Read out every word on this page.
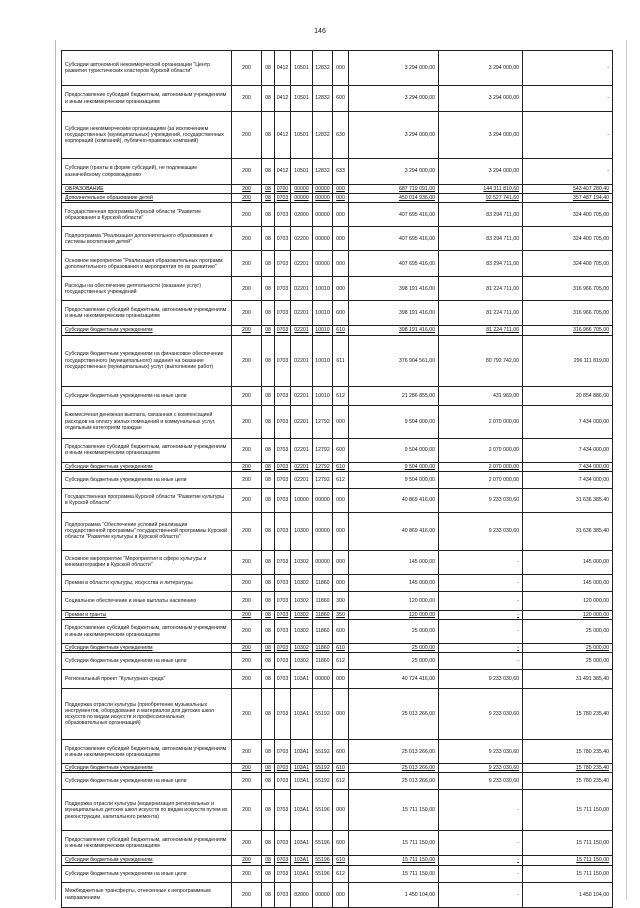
146
Субсидии автономной некоммерческой организации "Центр развития туристических кластеров Курской области"	200	08	0412	10501	12832	000	3 294 000,00	3 294 000,00	-
Предоставление субсидий бюджетным, автономным учреждениям и иным некоммерческим организациям	200	08	0412	10501	12832	600	3 294 000,00	3 294 000,00	-
Субсидии некоммерческим организациям (за исключением государственных (муниципальных) учреждений, государственных корпораций (компаний), публично-правовых компаний)	200	08	0412	10501	12832	630	3 294 000,00	3 294 000,00	-
Субсидии (гранты в форме субсидий), не подлежащие казначейскому сопровождению	200	08	0412	10501	12832	633	3 294 000,00	3 294 000,00	-
ОБРАЗОВАНИЕ	200	08	0700	00000	00000	000	687 719 091,00	144 311 810,60	543 407 280,40
Дополнительное образование детей	200	08	0703	00000	00000	000	450 014 936,00	92 527 741,60	357 487 194,40
Государственная программа Курской области "Развитие образования в Курской области"	200	08	0703	02000	00000	000	407 695 416,00	83 294 711,00	324 400 705,00
Подпрограмма "Реализация дополнительного образования и системы воспитания детей"	200	08	0703	02200	00000	000	407 695 416,00	83 294 711,00	324 400 705,00
Основное мероприятие "Реализация образовательных программ дополнительного образования и мероприятия по их развитию"	200	08	0703	02201	00000	000	407 695 416,00	83 294 711,00	324 400 705,00
Расходы на обеспечение деятельности (оказание услуг) государственных учреждений	200	08	0703	02201	10010	000	398 191 416,00	81 224 711,00	316 966 705,00
Предоставление субсидий бюджетным, автономным учреждениям и иным некоммерческим организациям	200	08	0703	02201	10010	600	398 191 416,00	81 224 711,00	316 966 705,00
Субсидии бюджетным учреждениям	200	08	0703	02201	10010	610	398 191 416,00	81 224 711,00	316 966 705,00
Субсидии бюджетным учреждениям на финансовое обеспечение государственного (муниципального) задания на оказание государственных (муниципальных) услуг (выполнение работ)	200	08	0703	02201	10010	611	376 904 561,00	80 792 742,00	296 111 819,00
Субсидии бюджетным учреждениям на иные цели	200	08	0703	02201	10010	612	21 286 855,00	431 969,00	20 854 886,00
Ежемесячная денежная выплата, связанная с компенсацией расходов на оплату жилых помещений и коммунальных услуг, отдельным категориям граждан	200	08	0703	02201	12792	000	9 504 000,00	2 070 000,00	7 434 000,00
Предоставление субсидий бюджетным, автономным учреждениям и иным некоммерческим организациям	200	08	0703	02201	12792	600	9 504 000,00	2 070 000,00	7 434 000,00
Субсидии бюджетным учреждениям	200	08	0703	02201	12792	610	9 504 000,00	2 070 000,00	7 434 000,00
Субсидии бюджетным учреждениям на иные цели	200	08	0703	02201	12792	612	9 504 000,00	2 070 000,00	7 434 000,00
Государственная программа Курской области "Развитие культуры в Курской области"	200	08	0703	10000	00000	000	40 869 416,00	9 233 030,60	31 636 385,40
Подпрограмма "Обеспечение условий реализации государственной программы" государственной программы Курской области "Развитие культуры в Курской области"	200	08	0703	10300	00000	000	40 869 416,00	9 233 030,60	31 636 385,40
Основное мероприятие "Мероприятия в сфере культуры и кинематографии в Курской области"	200	08	0703	10302	00000	000	145 000,00	-	145 000,00
Премии в области культуры, искусства и литературы	200	08	0703	10302	11860	000	145 000,00	-	145 000,00
Социальное обеспечение и иные выплаты населению	200	08	0703	10302	11860	300	120 000,00	-	120 000,00
Премии и гранты	200	08	0703	10302	11860	350	120 000,00	-	120 000,00
Предоставление субсидий бюджетным, автономным учреждениям и иным некоммерческим организациям	200	08	0703	10302	11860	600	25 000,00	-	25 000,00
Субсидии бюджетным учреждениям	200	08	0703	10302	11860	610	25 000,00	-	25 000,00
Субсидии бюджетным учреждениям на иные цели	200	08	0703	10302	11860	612	25 000,00	-	25 000,00
Региональный проект "Культурная среда"	200	08	0703	103A1	00000	000	40 724 416,00	9 233 030,60	31 491 385,40
Поддержка отрасли культуры (приобретение музыкальных инструментов, оборудования и материалов для детских школ искусств по видам искусств и профессиональных образовательных организаций)	200	08	0703	103A1	55192	000	25 013 266,00	9 233 030,60	15 780 235,40
Предоставление субсидий бюджетным, автономным учреждениям и иным некоммерческим организациям	200	08	0703	103A1	55192	600	25 013 266,00	9 233 030,60	15 780 235,40
Субсидии бюджетным учреждениям	200	08	0703	103A1	55192	610	25 013 266,00	9 233 030,60	15 780 235,40
Субсидии бюджетным учреждениям на иные цели	200	08	0703	103A1	55192	612	25 013 266,00	9 233 030,60	15 780 235,40
Поддержка отрасли культуры (модернизация региональных и муниципальных детских школ искусств по видам искусств путем их реконструкции, капитального ремонта)	200	08	0703	103A1	55196	000	15 711 150,00	-	15 711 150,00
Предоставление субсидий бюджетным, автономным учреждениям и иным некоммерческим организациям	200	08	0703	103A1	55196	600	15 711 150,00	-	15 711 150,00
Субсидии бюджетным учреждениям	200	08	0703	103A1	55196	610	15 711 150,00	-	15 711 150,00
Субсидии бюджетным учреждениям на иные цели	200	08	0703	103A1	55196	612	15 711 150,00	-	15 711 150,00
Межбюджетные трансферты, отнесенные к непрограммным направлениям	200	08	0703	82000	00000	000	1 450 104,00	-	1 450 104,00
